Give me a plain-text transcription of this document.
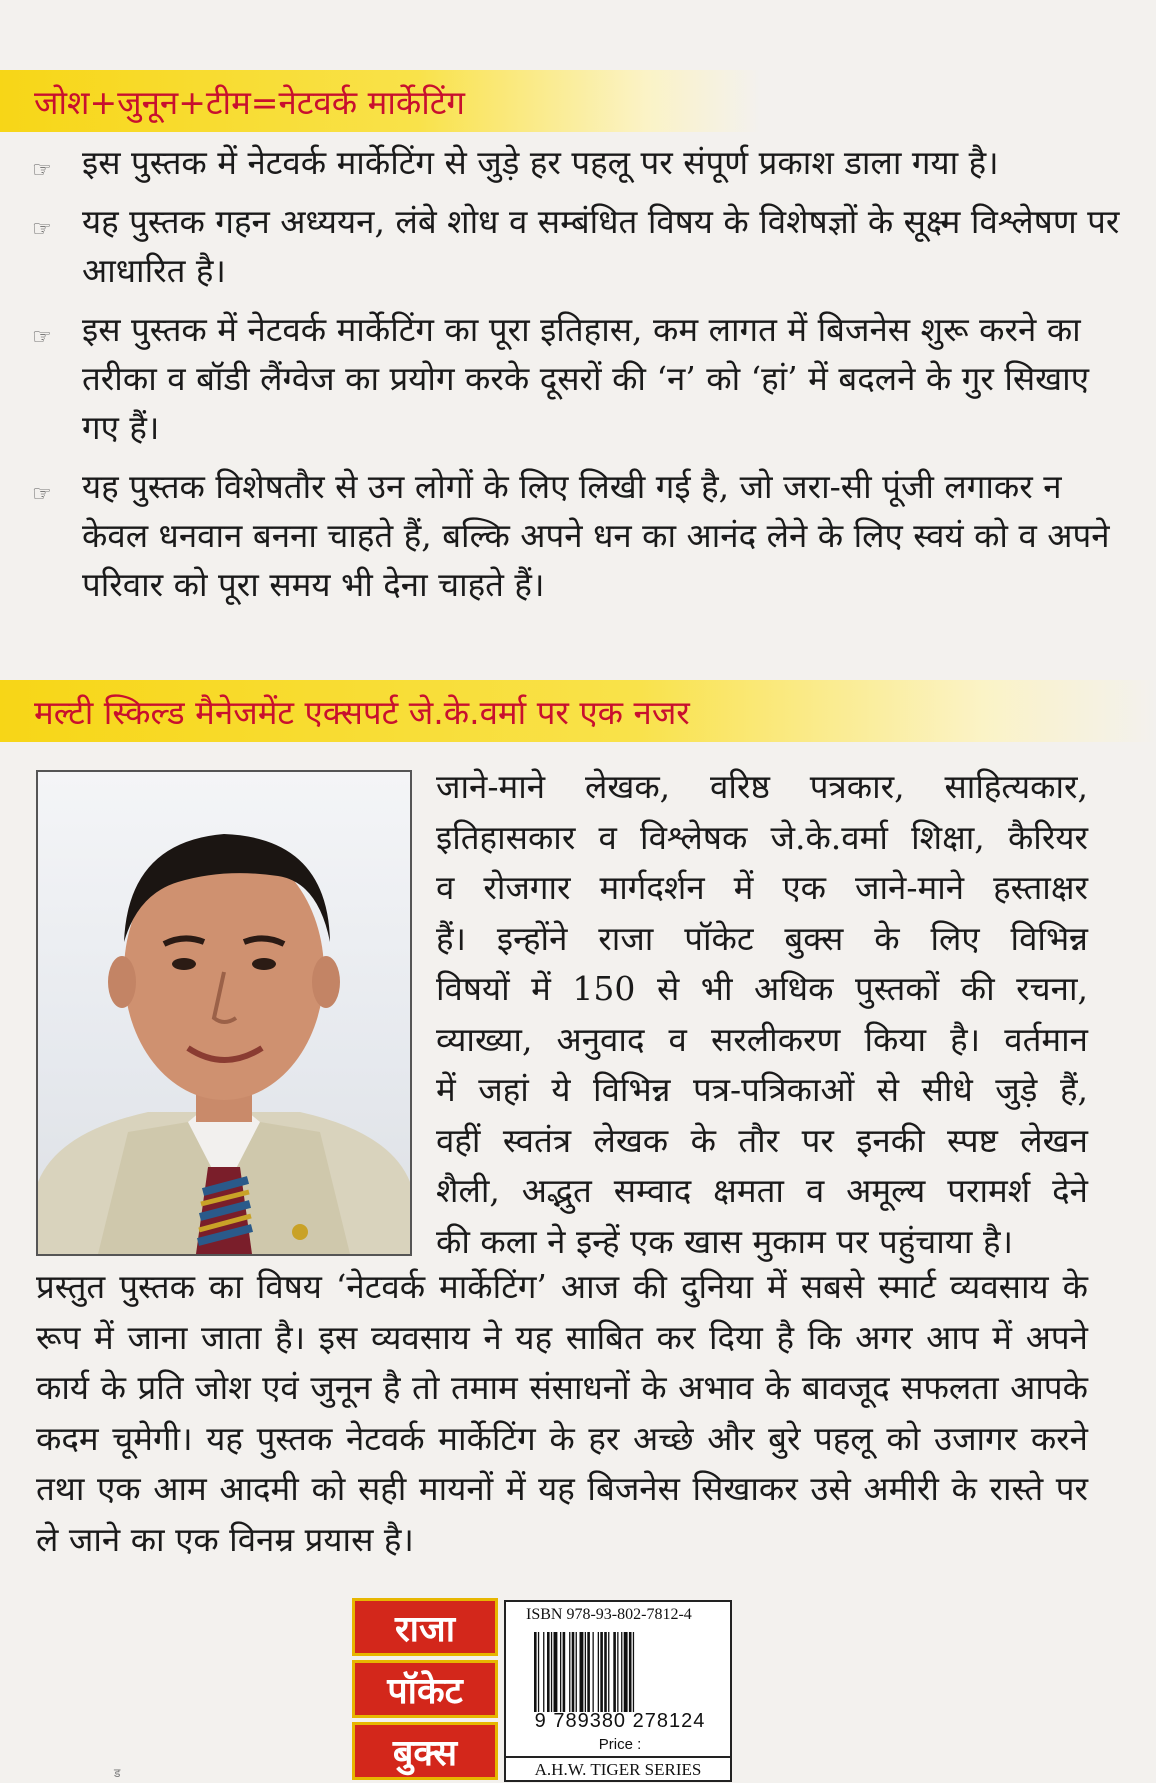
जोश+जुनून+टीम=नेटवर्क मार्केटिंग
☞ इस पुस्तक में नेटवर्क मार्केटिंग से जुड़े हर पहलू पर संपूर्ण प्रकाश डाला गया है।
☞ यह पुस्तक गहन अध्ययन, लंबे शोध व सम्बंधित विषय के विशेषज्ञों के सूक्ष्म विश्लेषण पर आधारित है।
☞ इस पुस्तक में नेटवर्क मार्केटिंग का पूरा इतिहास, कम लागत में बिजनेस शुरू करने का तरीका व बॉडी लैंग्वेज का प्रयोग करके दूसरों की ‘न’ को ‘हां’ में बदलने के गुर सिखाए गए हैं।
☞ यह पुस्तक विशेषतौर से उन लोगों के लिए लिखी गई है, जो जरा-सी पूंजी लगाकर न केवल धनवान बनना चाहते हैं, बल्कि अपने धन का आनंद लेने के लिए स्वयं को व अपने परिवार को पूरा समय भी देना चाहते हैं।
मल्टी स्किल्ड मैनेजमेंट एक्सपर्ट जे.के.वर्मा पर एक नजर
जाने-माने लेखक, वरिष्ठ पत्रकार, साहित्यकार,
इतिहासकार व विश्लेषक जे.के.वर्मा शिक्षा, कैरियर
व रोजगार मार्गदर्शन में एक जाने-माने हस्ताक्षर
हैं। इन्होंने राजा पॉकेट बुक्स के लिए विभिन्न
विषयों में 150 से भी अधिक पुस्तकों की रचना,
व्याख्या, अनुवाद व सरलीकरण किया है। वर्तमान
में जहां ये विभिन्न पत्र-पत्रिकाओं से सीधे जुड़े हैं,
वहीं स्वतंत्र लेखक के तौर पर इनकी स्पष्ट लेखन
शैली, अद्भुत सम्वाद क्षमता व अमूल्य परामर्श देने
की कला ने इन्हें एक खास मुकाम पर पहुंचाया है।
प्रस्तुत पुस्तक का विषय ‘नेटवर्क मार्केटिंग’ आज की दुनिया में सबसे स्मार्ट व्यवसाय के रूप में जाना जाता है। इस व्यवसाय ने यह साबित कर दिया है कि अगर आप में अपने कार्य के प्रति जोश एवं जुनून है तो तमाम संसाधनों के अभाव के बावजूद सफलता आपके कदम चूमेगी। यह पुस्तक नेटवर्क मार्केटिंग के हर अच्छे और बुरे पहलू को उजागर करने तथा एक आम आदमी को सही मायनों में यह बिजनेस सिखाकर उसे अमीरी के रास्ते पर ले जाने का एक विनम्र प्रयास है।
राजा
पॉकेट
बुक्स
ISBN 978-93-802-7812-4
9 789380 278124
Price :
A.H.W. TIGER SERIES
ड
